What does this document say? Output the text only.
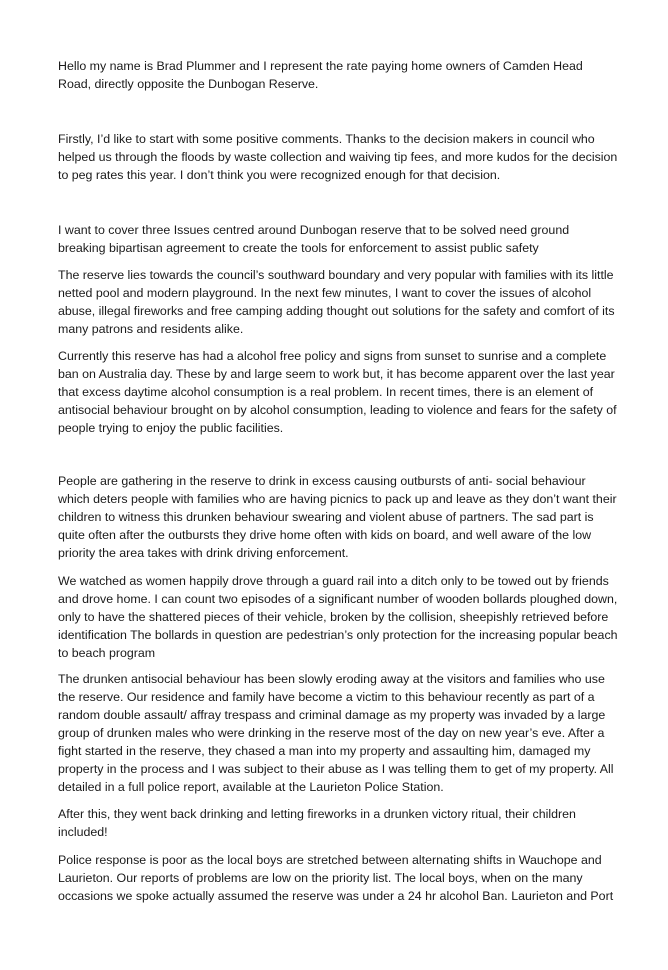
Hello my name is Brad Plummer and I represent the rate paying home owners of Camden Head Road, directly opposite the Dunbogan Reserve.

Firstly, I’d like to start with some positive comments. Thanks to the decision makers in council who helped us through the floods by waste collection and waiving tip fees, and more kudos for the decision to peg rates this year. I don’t think you were recognized enough for that decision.

I want to cover three Issues centred around Dunbogan reserve that to be solved need ground breaking bipartisan agreement to create the tools for enforcement to assist public safety

The reserve lies towards the council’s southward boundary and very popular with families with its little netted pool and modern playground. In the next few minutes, I want to cover the issues of alcohol abuse, illegal fireworks and free camping adding thought out solutions for the safety and comfort of its many patrons and residents alike.

Currently this reserve has had a alcohol free policy and signs from sunset to sunrise and a complete ban on Australia day. These by and large seem to work but, it has become apparent over the last year that excess daytime alcohol consumption is a real problem. In recent times, there is an element of antisocial behaviour brought on by alcohol consumption, leading to violence and fears for the safety of people trying to enjoy the public facilities.

People are gathering in the reserve to drink in excess causing outbursts of anti- social behaviour which deters people with families who are having picnics to pack up and leave as they don’t want their children to witness this drunken behaviour swearing and violent abuse of partners. The sad part is quite often after the outbursts they drive home often with kids on board, and well aware of the low priority the area takes with drink driving enforcement.

We watched as women happily drove through a guard rail into a ditch only to be towed out by friends and drove home. I can count two episodes of a significant number of wooden bollards ploughed down, only to have the shattered pieces of their vehicle, broken by the collision, sheepishly retrieved before identification The bollards in question are pedestrian’s only protection for the increasing popular beach to beach program

The drunken antisocial behaviour has been slowly eroding away at the visitors and families who use the reserve. Our residence and family have become a victim to this behaviour recently as part of a random double assault/ affray trespass and criminal damage as my property was invaded by a large group of drunken males who were drinking in the reserve most of the day on new year’s eve. After a fight started in the reserve, they chased a man into my property and assaulting him, damaged my property in the process and I was subject to their abuse as I was telling them to get of my property. All detailed in a full police report, available at the Laurieton Police Station.

After this, they went back drinking and letting fireworks in a drunken victory ritual, their children included!

Police response is poor as the local boys are stretched between alternating shifts in Wauchope and Laurieton. Our reports of problems are low on the priority list. The local boys, when on the many occasions we spoke actually assumed the reserve was under a 24 hr alcohol Ban. Laurieton and Port
